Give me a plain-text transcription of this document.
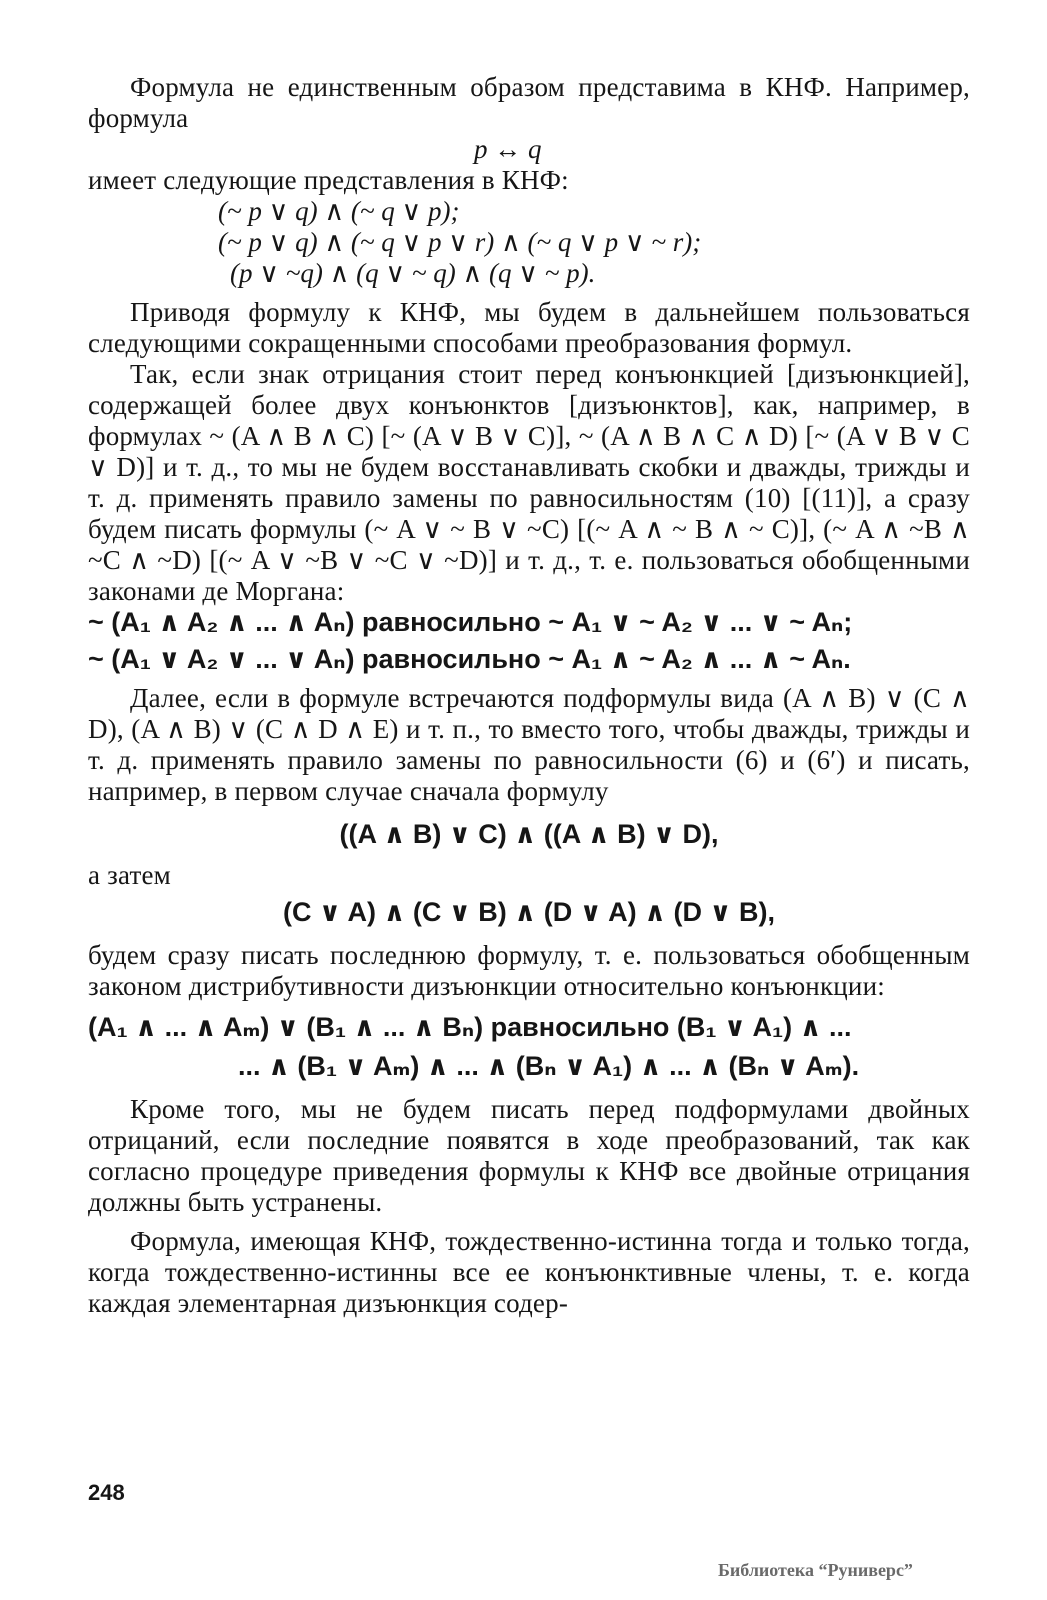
Формула не единственным образом представима в КНФ. Например, формула

p ↔ q

имеет следующие представления в КНФ:

(~ p ∨ q) ∧ (~ q ∨ p);

(~ p ∨ q) ∧ (~ q ∨ p ∨ r) ∧ (~ q ∨ p ∨ ~ r);

(p ∨ ~q) ∧ (q ∨ ~ q) ∧ (q ∨ ~ p).

Приводя формулу к КНФ, мы будем в дальнейшем пользоваться следующими сокращенными способами преобразования формул.

Так, если знак отрицания стоит перед конъюнкцией [дизъюнкцией], содержащей более двух конъюнктов [дизъюнктов], как, например, в формулах ~ (A ∧ B ∧ C) [~ (A ∨ B ∨ C)], ~ (A ∧ B ∧ C ∧ D) [~ (A ∨ B ∨ C ∨ D)] и т. д., то мы не будем восстанавливать скобки и дважды, трижды и т. д. применять правило замены по равносильностям (10) [(11)], а сразу будем писать формулы (~ A ∨ ~ B ∨ ~C) [(~ A ∧ ~ B ∧ ~ C)], (~ A ∧ ~B ∧ ~C ∧ ~D) [(~ A ∨ ~B ∨ ~C ∨ ~D)] и т. д., т. е. пользоваться обобщенными законами де Моргана:

~ (A₁ ∧ A₂ ∧ ... ∧ Aₙ) равносильно ~ A₁ ∨ ~ A₂ ∨ ... ∨ ~ Aₙ;

~ (A₁ ∨ A₂ ∨ ... ∨ Aₙ) равносильно ~ A₁ ∧ ~ A₂ ∧ ... ∧ ~ Aₙ.

Далее, если в формуле встречаются подформулы вида (A ∧ B) ∨ (C ∧ D), (A ∧ B) ∨ (C ∧ D ∧ E) и т. п., то вместо того, чтобы дважды, трижды и т. д. применять правило замены по равносильности (6) и (6′) и писать, например, в первом случае сначала формулу

((A ∧ B) ∨ C) ∧ ((A ∧ B) ∨ D),

а затем

(C ∨ A) ∧ (C ∨ B) ∧ (D ∨ A) ∧ (D ∨ B),

будем сразу писать последнюю формулу, т. е. пользоваться обобщенным законом дистрибутивности дизъюнкции относительно конъюнкции:

(A₁ ∧ ... ∧ Aₘ) ∨ (B₁ ∧ ... ∧ Bₙ) равносильно (B₁ ∨ A₁) ∧ ...

... ∧ (B₁ ∨ Aₘ) ∧ ... ∧ (Bₙ ∨ A₁) ∧ ... ∧ (Bₙ ∨ Aₘ).

Кроме того, мы не будем писать перед подформулами двойных отрицаний, если последние появятся в ходе преобразований, так как согласно процедуре приведения формулы к КНФ все двойные отрицания должны быть устранены.

Формула, имеющая КНФ, тождественно-истинна тогда и только тогда, когда тождественно-истинны все ее конъюнктивные члены, т. е. когда каждая элементарная дизъюнкция содер-

248
Библиотека “Руниверс”
